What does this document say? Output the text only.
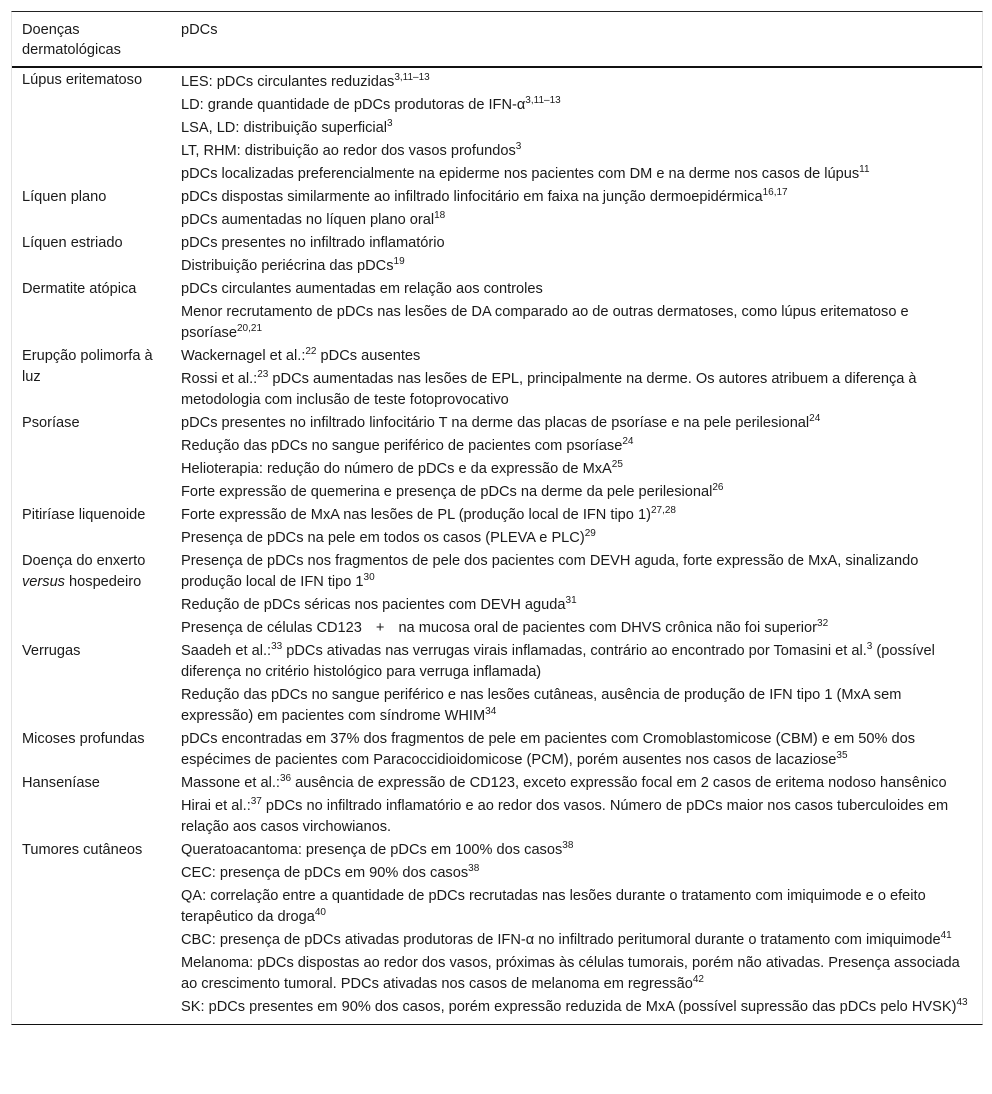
Doenças dermatológicas	pDCs
Lúpus eritematoso	LES: pDCs circulantes reduzidas$^{3,11-13}$
LD: grande quantidade de pDCs produtoras de IFN-$\alpha^{3,11-13}$
LSA, LD: distribuição superficial$^3$
LT, RHM: distribuição ao redor dos vasos profundos$^3$
pDCs localizadas preferencialmente na epiderme nos pacientes com DM e na derme nos casos de lúpus$^{11}$

Líquen plano	pDCs dispostas similarmente ao infiltrado linfocitário em faixa na junção dermoepidérmica$^{16,17}$
pDCs aumentadas no líquen plano oral$^{18}$

Líquen estriado	pDCs presentes no infiltrado inflamatório
Distribuição periécrina das pDCs$^{19}$

Dermatite atópica	pDCs circulantes aumentadas em relação aos controles
Menor recrutamento de pDCs nas lesões de DA comparado ao de outras dermatoses, como lúpus eritematoso e psoríase$^{20,21}$

Erupção polimorfa à luz	Wackernagel et al.:$^{22}$ pDCs ausentes
Rossi et al.:$^{23}$ pDCs aumentadas nas lesões de EPL, principalmente na derme. Os autores atribuem a diferença à metodologia com inclusão de teste fotoprovocativo

Psoríase	pDCs presentes no infiltrado linfocitário T na derme das placas de psoríase e na pele perilesional$^{24}$
Redução das pDCs no sangue periférico de pacientes com psoríase$^{24}$
Helioterapia: redução do número de pDCs e da expressão de MxA$^{25}$
Forte expressão de quemerina e presença de pDCs na derme da pele perilesional$^{26}$

Pitiríase liquenoide	Forte expressão de MxA nas lesões de PL (produção local de IFN tipo 1)$^{27,28}$
Presença de pDCs na pele em todos os casos (PLEVA e PLC)$^{29}$

Doença do enxerto versus hospedeiro	Presença de pDCs nos fragmentos de pele dos pacientes com DEVH aguda, forte expressão de MxA, sinalizando produção local de IFN tipo $1^{30}$
Redução de pDCs séricas nos pacientes com DEVH aguda$^{31}$
Presença de células CD123 + na mucosa oral de pacientes com DHVS crônica não foi superior$^{32}$

Verrugas	Saadeh et al.:$^{33}$ pDCs ativadas nas verrugas virais inflamadas, contrário ao encontrado por Tomasini et al.$^3$ (possível diferença no critério histológico para verruga inflamada)
Redução das pDCs no sangue periférico e nas lesões cutâneas, ausência de produção de IFN tipo 1 (MxA sem expressão) em pacientes com síndrome WHIM$^{34}$

Micoses profundas	pDCs encontradas em 37% dos fragmentos de pele em pacientes com Cromoblastomicose (CBM) e em 50% dos espécimes de pacientes com Paracoccidioidomicose (PCM), porém ausentes nos casos de lacaziose$^{35}$

Hanseníase	Massone et al.:$^{36}$ ausência de expressão de CD123, exceto expressão focal em 2 casos de eritema nodoso hansênico
Hirai et al.:$^{37}$ pDCs no infiltrado inflamatório e ao redor dos vasos. Número de pDCs maior nos casos tuberculoides em relação aos casos virchowianos.

Tumores cutâneos	Queratoacantoma: presença de pDCs em 100% dos casos$^{38}$
CEC: presença de pDCs em 90% dos casos$^{38}$
QA: correlação entre a quantidade de pDCs recrutadas nas lesões durante o tratamento com imiquimode e o efeito terapêutico da droga$^{40}$
CBC: presença de pDCs ativadas produtoras de IFN-α no infiltrado peritumoral durante o tratamento com imiquimode$^{41}$
Melanoma: pDCs dispostas ao redor dos vasos, próximas às células tumorais, porém não ativadas. Presença associada ao crescimento tumoral. PDCs ativadas nos casos de melanoma em regressão$^{42}$
SK: pDCs presentes em 90% dos casos, porém expressão reduzida de MxA (possível supressão das pDCs pelo HVSK)$^{43}$
